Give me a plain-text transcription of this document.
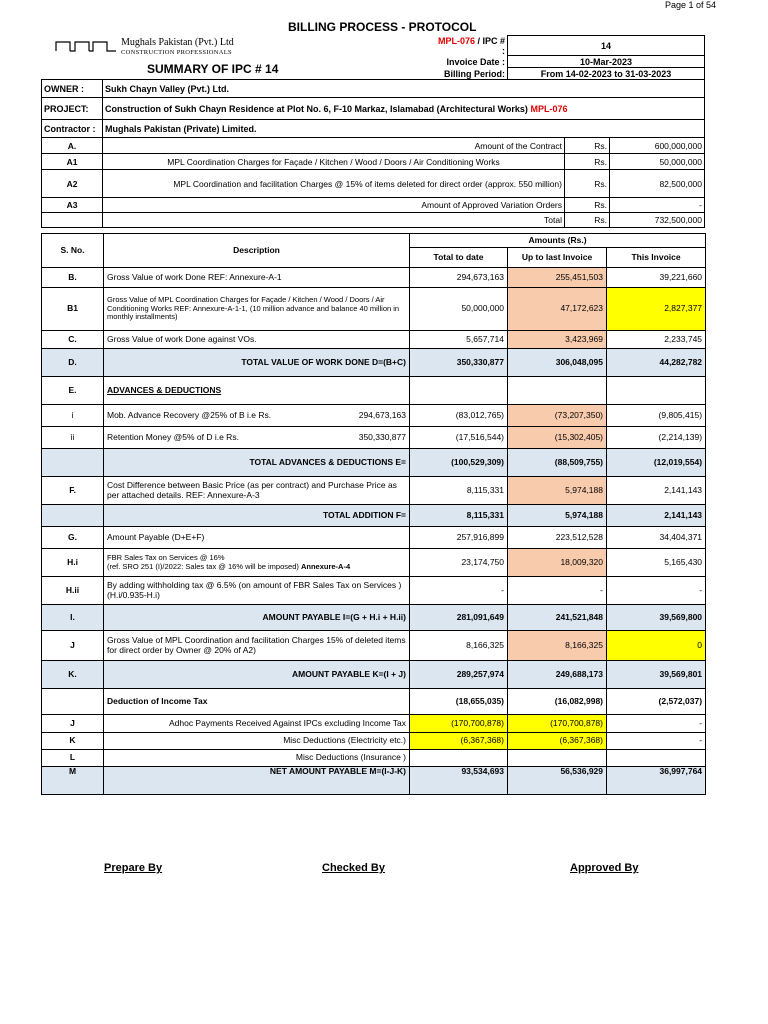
Page 1 of 54
BILLING PROCESS - PROTOCOL
Mughals Pakistan (Pvt.) Ltd
CONSTRUCTION PROFESSIONALS
SUMMARY OF IPC # 14
MPL-076 / IPC # :	14
Invoice Date :	10-Mar-2023
Billing Period:	From 14-02-2023 to 31-03-2023
OWNER :	Sukh Chayn Valley (Pvt.) Ltd.
PROJECT:	Construction of Sukh Chayn Residence at Plot No. 6, F-10 Markaz, Islamabad (Architectural Works) MPL-076
Contractor :	Mughals Pakistan (Private) Limited.
A.	Amount of the Contract	Rs.	600,000,000
A1	MPL Coordination Charges for Façade / Kitchen / Wood / Doors / Air Conditioning Works	Rs.	50,000,000
A2	MPL Coordination and facilitation Charges @ 15% of items deleted for direct order (approx. 550 million)	Rs.	82,500,000
A3	Amount of Approved Variation Orders	Rs.	-
	Total	Rs.	732,500,000
S. No.	Description	Amounts (Rs.)		
		Total to date	Up to last Invoice	This Invoice
B.	Gross Value of work Done REF: Annexure-A-1	294,673,163	255,451,503	39,221,660
B1	Gross Value of MPL Coordination Charges for Façade / Kitchen / Wood / Doors / Air Conditioning Works REF: Annexure-A-1-1, (10 million advance and balance 40 million in monthly installments)	50,000,000	47,172,623	2,827,377
C.	Gross Value of work Done against VOs.	5,657,714	3,423,969	2,233,745
D.	TOTAL VALUE OF WORK DONE D=(B+C)	350,330,877	306,048,095	44,282,782
E.	ADVANCES & DEDUCTIONS			
i	Mob. Advance Recovery @25% of B i.e Rs. 294,673,163	(83,012,765)	(73,207,350)	(9,805,415)
ii	Retention Money @5% of D i.e Rs. 350,330,877	(17,516,544)	(15,302,405)	(2,214,139)
	TOTAL ADVANCES & DEDUCTIONS E=	(100,529,309)	(88,509,755)	(12,019,554)
F.	Cost Difference between Basic Price (as per contract) and Purchase Price as per attached details. REF: Annexure-A-3	8,115,331	5,974,188	2,141,143
	TOTAL ADDITION F=	8,115,331	5,974,188	2,141,143
G.	Amount Payable (D+E+F)	257,916,899	223,512,528	34,404,371
H.i	FBR Sales Tax on Services @ 16%
(ref. SRO 251 (I)/2022: Sales tax @ 16% will be imposed) Annexure-A-4	23,174,750	18,009,320	5,165,430
H.ii	By adding withholding tax @ 6.5% (on amount of FBR Sales Tax on Services ) (H.i/0.935-H.i)	-	-	-
I.	AMOUNT PAYABLE I=(G + H.i + H.ii)	281,091,649	241,521,848	39,569,800
J	Gross Value of MPL Coordination and facilitation Charges 15% of deleted items for direct order by Owner @ 20% of A2)	8,166,325	8,166,325	0
K.	AMOUNT PAYABLE K=(I + J)	289,257,974	249,688,173	39,569,801
	Deduction of Income Tax	(18,655,035)	(16,082,998)	(2,572,037)
J	Adhoc Payments Received Against IPCs excluding Income Tax	(170,700,878)	(170,700,878)	-
K	Misc Deductions (Electricity etc.)	(6,367,368)	(6,367,368)	-
L	Misc Deductions (Insurance )			
M	NET AMOUNT PAYABLE M=(I-J-K)	93,534,693	56,536,929	36,997,764
Prepare By	Checked By	Approved By
